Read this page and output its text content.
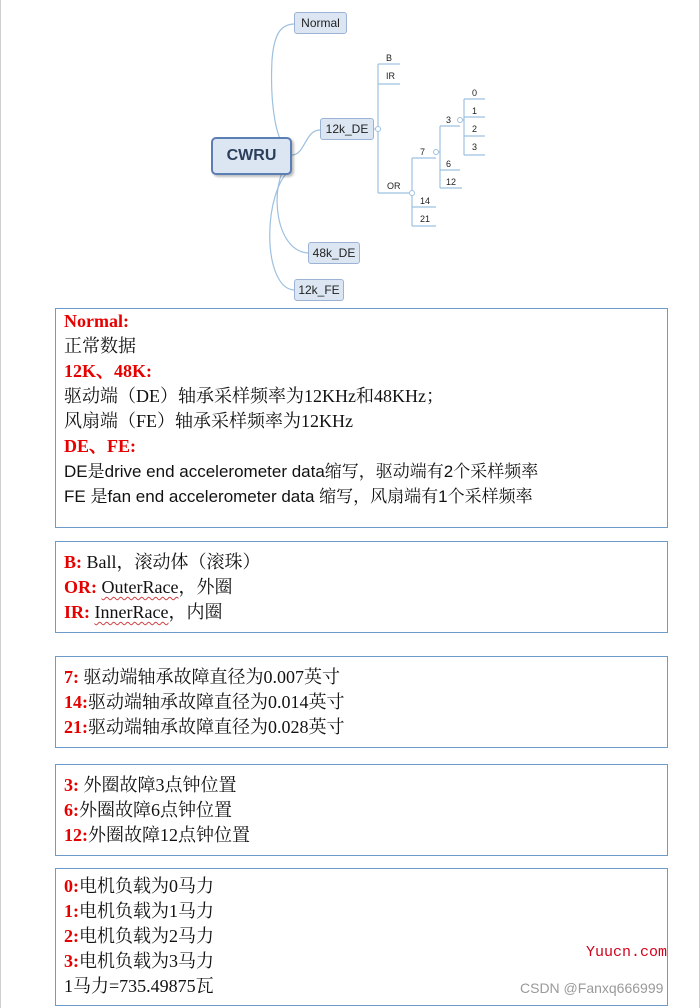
CWRU
Normal
12k_DE
48k_DE
12k_FE
B
IR
OR
7
14
21
3
6
12
0
1
2
3
Normal:
正常数据
12K、48K:
驱动端（DE）轴承采样频率为12KHz和48KHz；
风扇端（FE）轴承采样频率为12KHz
DE、FE:
DE是drive end accelerometer data缩写，驱动端有2个采样频率
FE 是fan end accelerometer data 缩写，风扇端有1个采样频率
B: Ball，滚动体（滚珠）
OR: OuterRace，外圈
IR: InnerRace，内圈
7: 驱动端轴承故障直径为0.007英寸
14:驱动端轴承故障直径为0.014英寸
21:驱动端轴承故障直径为0.028英寸
3: 外圈故障3点钟位置
6:外圈故障6点钟位置
12:外圈故障12点钟位置
0:电机负载为0马力
1:电机负载为1马力
2:电机负载为2马力
3:电机负载为3马力
1马力=735.49875瓦
Yuucn.com
CSDN @Fanxq666999
